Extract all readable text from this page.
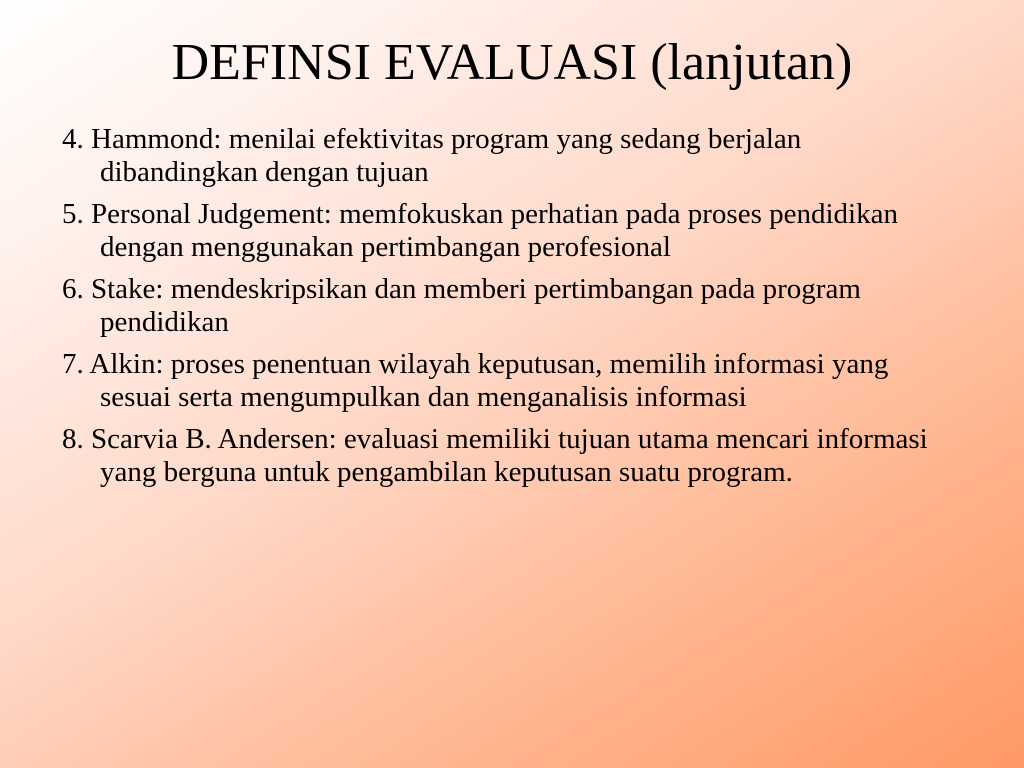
DEFINSI EVALUASI (lanjutan)
4. Hammond: menilai efektivitas program yang sedang berjalan dibandingkan dengan tujuan
5. Personal Judgement: memfokuskan perhatian pada proses pendidikan dengan menggunakan pertimbangan perofesional
6. Stake: mendeskripsikan dan memberi pertimbangan pada program pendidikan
7. Alkin: proses penentuan wilayah keputusan, memilih informasi yang sesuai serta mengumpulkan dan menganalisis informasi
8. Scarvia B. Andersen: evaluasi memiliki tujuan utama mencari informasi yang berguna untuk pengambilan keputusan suatu program.
